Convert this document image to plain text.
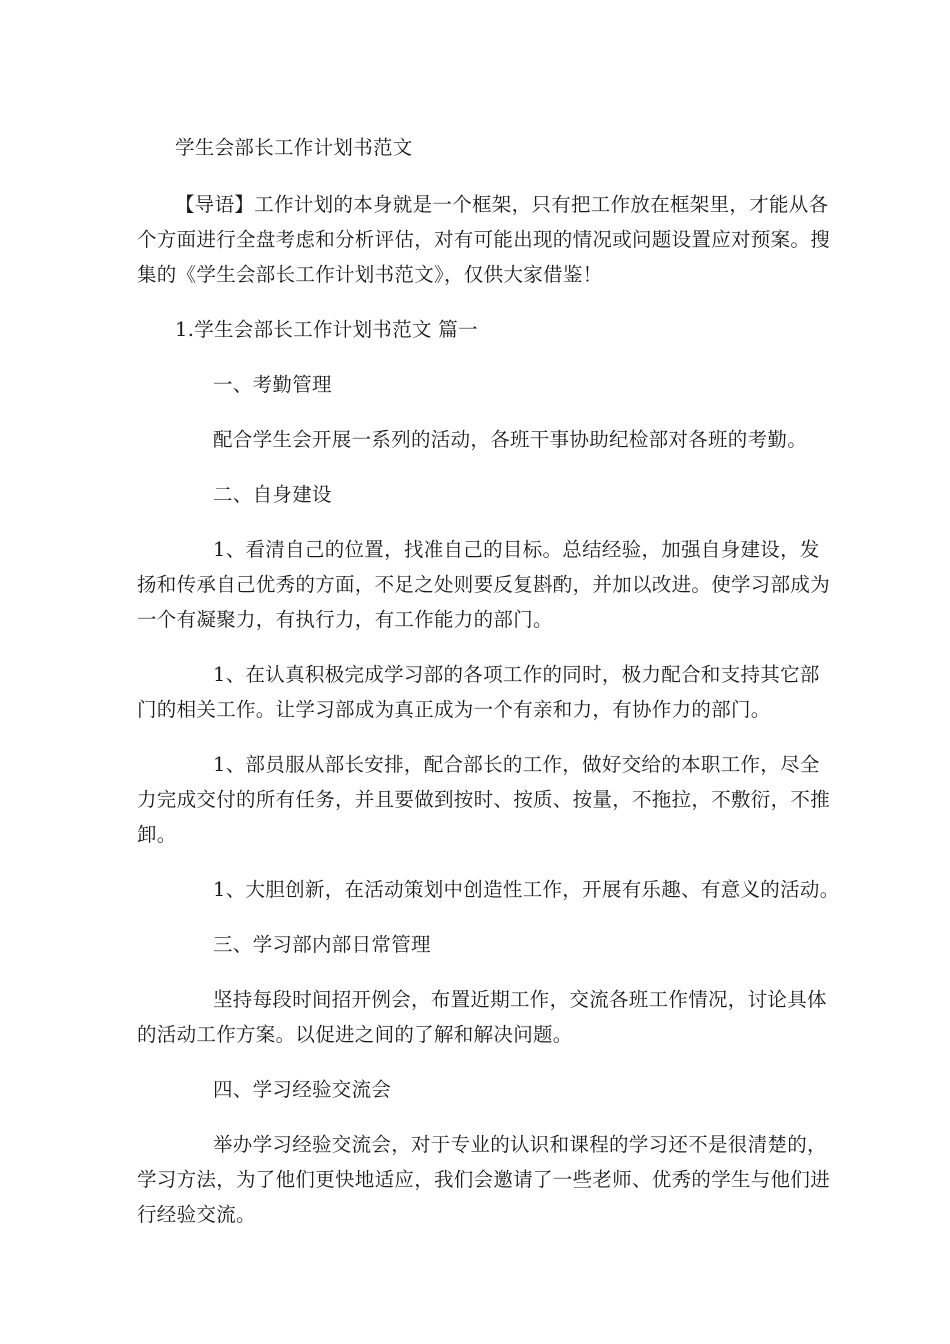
学生会部长工作计划书范文
【导语】工作计划的本身就是一个框架，只有把工作放在框架里，才能从各
个方面进行全盘考虑和分析评估，对有可能出现的情况或问题设置应对预案。搜
集的《学生会部长工作计划书范文》，仅供大家借鉴！
1.学生会部长工作计划书范文 篇一
一、考勤管理
配合学生会开展一系列的活动，各班干事协助纪检部对各班的考勤。
二、自身建设
1、看清自己的位置，找准自己的目标。总结经验，加强自身建设，发
扬和传承自己优秀的方面，不足之处则要反复斟酌，并加以改进。使学习部成为
一个有凝聚力，有执行力，有工作能力的部门。
1、在认真积极完成学习部的各项工作的同时，极力配合和支持其它部
门的相关工作。让学习部成为真正成为一个有亲和力，有协作力的部门。
1、部员服从部长安排，配合部长的工作，做好交给的本职工作，尽全
力完成交付的所有任务，并且要做到按时、按质、按量，不拖拉，不敷衍，不推
卸。
1、大胆创新，在活动策划中创造性工作，开展有乐趣、有意义的活动。
三、学习部内部日常管理
坚持每段时间招开例会，布置近期工作，交流各班工作情况，讨论具体
的活动工作方案。以促进之间的了解和解决问题。
四、学习经验交流会
举办学习经验交流会，对于专业的认识和课程的学习还不是很清楚的，
学习方法，为了他们更快地适应，我们会邀请了一些老师、优秀的学生与他们进
行经验交流。
